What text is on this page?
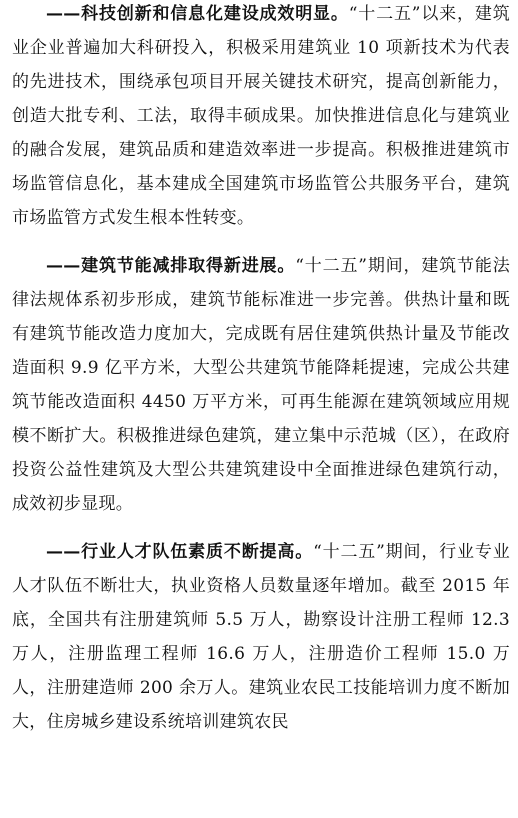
——科技创新和信息化建设成效明显。“十二五”以来，建筑业企业普遍加大科研投入，积极采用建筑业 10 项新技术为代表的先进技术，围绕承包项目开展关键技术研究，提高创新能力，创造大批专利、工法，取得丰硕成果。加快推进信息化与建筑业的融合发展，建筑品质和建造效率进一步提高。积极推进建筑市场监管信息化，基本建成全国建筑市场监管公共服务平台，建筑市场监管方式发生根本性转变。

——建筑节能减排取得新进展。“十二五”期间，建筑节能法律法规体系初步形成，建筑节能标准进一步完善。供热计量和既有建筑节能改造力度加大，完成既有居住建筑供热计量及节能改造面积 9.9 亿平方米，大型公共建筑节能降耗提速，完成公共建筑节能改造面积 4450 万平方米，可再生能源在建筑领域应用规模不断扩大。积极推进绿色建筑，建立集中示范城（区），在政府投资公益性建筑及大型公共建筑建设中全面推进绿色建筑行动，成效初步显现。

——行业人才队伍素质不断提高。“十二五”期间，行业专业人才队伍不断壮大，执业资格人员数量逐年增加。截至 2015 年底，全国共有注册建筑师 5.5 万人，勘察设计注册工程师 12.3 万人，注册监理工程师 16.6 万人，注册造价工程师 15.0 万人，注册建造师 200 余万人。建筑业农民工技能培训力度不断加大，住房城乡建设系统培训建筑农民
